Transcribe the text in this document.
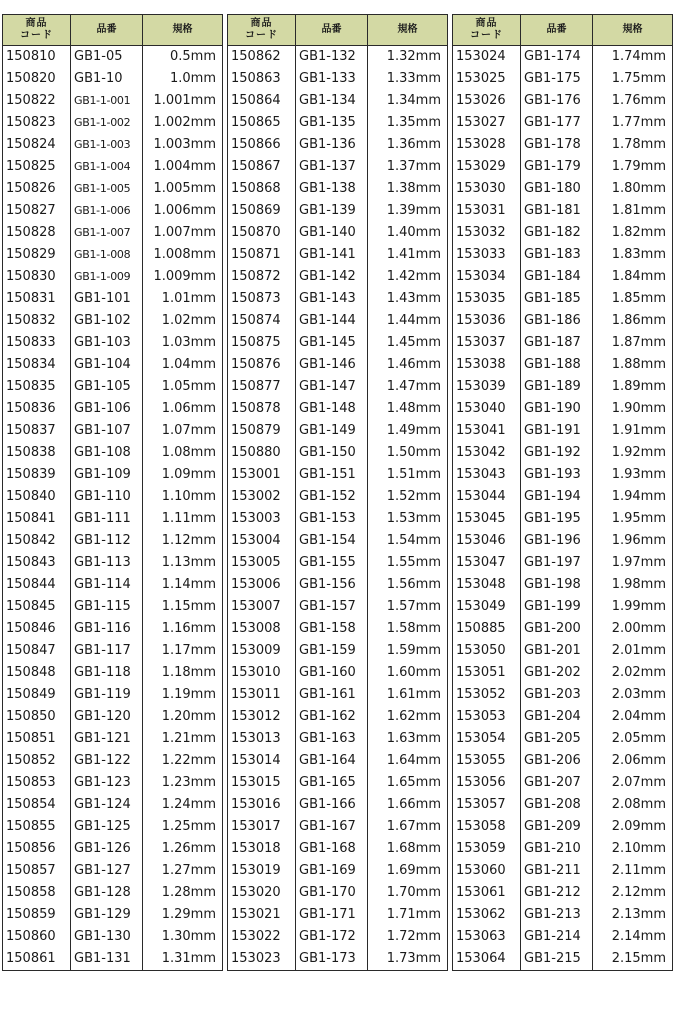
商品
コード	品番	規格
150810	GB1-05	0.5mm
150820	GB1-10	1.0mm
150822	GB1-1-001	1.001mm
150823	GB1-1-002	1.002mm
150824	GB1-1-003	1.003mm
150825	GB1-1-004	1.004mm
150826	GB1-1-005	1.005mm
150827	GB1-1-006	1.006mm
150828	GB1-1-007	1.007mm
150829	GB1-1-008	1.008mm
150830	GB1-1-009	1.009mm
150831	GB1-101	1.01mm
150832	GB1-102	1.02mm
150833	GB1-103	1.03mm
150834	GB1-104	1.04mm
150835	GB1-105	1.05mm
150836	GB1-106	1.06mm
150837	GB1-107	1.07mm
150838	GB1-108	1.08mm
150839	GB1-109	1.09mm
150840	GB1-110	1.10mm
150841	GB1-111	1.11mm
150842	GB1-112	1.12mm
150843	GB1-113	1.13mm
150844	GB1-114	1.14mm
150845	GB1-115	1.15mm
150846	GB1-116	1.16mm
150847	GB1-117	1.17mm
150848	GB1-118	1.18mm
150849	GB1-119	1.19mm
150850	GB1-120	1.20mm
150851	GB1-121	1.21mm
150852	GB1-122	1.22mm
150853	GB1-123	1.23mm
150854	GB1-124	1.24mm
150855	GB1-125	1.25mm
150856	GB1-126	1.26mm
150857	GB1-127	1.27mm
150858	GB1-128	1.28mm
150859	GB1-129	1.29mm
150860	GB1-130	1.30mm
150861	GB1-131	1.31mm
商品
コード	品番	規格
150862	GB1-132	1.32mm
150863	GB1-133	1.33mm
150864	GB1-134	1.34mm
150865	GB1-135	1.35mm
150866	GB1-136	1.36mm
150867	GB1-137	1.37mm
150868	GB1-138	1.38mm
150869	GB1-139	1.39mm
150870	GB1-140	1.40mm
150871	GB1-141	1.41mm
150872	GB1-142	1.42mm
150873	GB1-143	1.43mm
150874	GB1-144	1.44mm
150875	GB1-145	1.45mm
150876	GB1-146	1.46mm
150877	GB1-147	1.47mm
150878	GB1-148	1.48mm
150879	GB1-149	1.49mm
150880	GB1-150	1.50mm
153001	GB1-151	1.51mm
153002	GB1-152	1.52mm
153003	GB1-153	1.53mm
153004	GB1-154	1.54mm
153005	GB1-155	1.55mm
153006	GB1-156	1.56mm
153007	GB1-157	1.57mm
153008	GB1-158	1.58mm
153009	GB1-159	1.59mm
153010	GB1-160	1.60mm
153011	GB1-161	1.61mm
153012	GB1-162	1.62mm
153013	GB1-163	1.63mm
153014	GB1-164	1.64mm
153015	GB1-165	1.65mm
153016	GB1-166	1.66mm
153017	GB1-167	1.67mm
153018	GB1-168	1.68mm
153019	GB1-169	1.69mm
153020	GB1-170	1.70mm
153021	GB1-171	1.71mm
153022	GB1-172	1.72mm
153023	GB1-173	1.73mm
商品
コード	品番	規格
153024	GB1-174	1.74mm
153025	GB1-175	1.75mm
153026	GB1-176	1.76mm
153027	GB1-177	1.77mm
153028	GB1-178	1.78mm
153029	GB1-179	1.79mm
153030	GB1-180	1.80mm
153031	GB1-181	1.81mm
153032	GB1-182	1.82mm
153033	GB1-183	1.83mm
153034	GB1-184	1.84mm
153035	GB1-185	1.85mm
153036	GB1-186	1.86mm
153037	GB1-187	1.87mm
153038	GB1-188	1.88mm
153039	GB1-189	1.89mm
153040	GB1-190	1.90mm
153041	GB1-191	1.91mm
153042	GB1-192	1.92mm
153043	GB1-193	1.93mm
153044	GB1-194	1.94mm
153045	GB1-195	1.95mm
153046	GB1-196	1.96mm
153047	GB1-197	1.97mm
153048	GB1-198	1.98mm
153049	GB1-199	1.99mm
150885	GB1-200	2.00mm
153050	GB1-201	2.01mm
153051	GB1-202	2.02mm
153052	GB1-203	2.03mm
153053	GB1-204	2.04mm
153054	GB1-205	2.05mm
153055	GB1-206	2.06mm
153056	GB1-207	2.07mm
153057	GB1-208	2.08mm
153058	GB1-209	2.09mm
153059	GB1-210	2.10mm
153060	GB1-211	2.11mm
153061	GB1-212	2.12mm
153062	GB1-213	2.13mm
153063	GB1-214	2.14mm
153064	GB1-215	2.15mm
